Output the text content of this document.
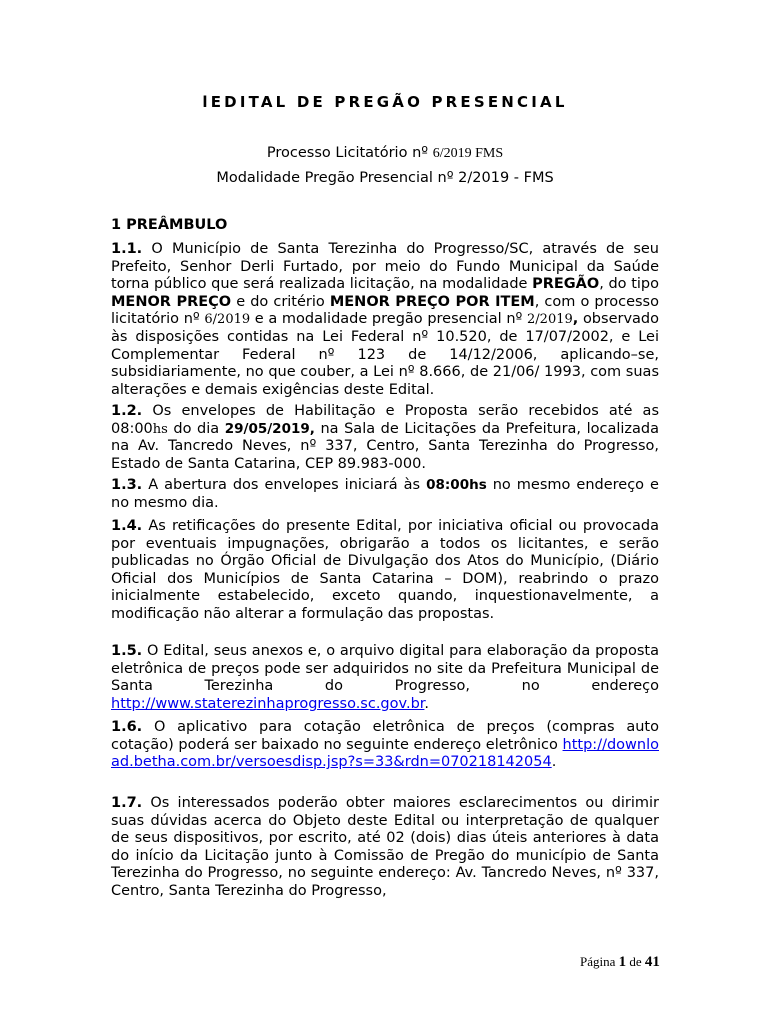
lEDITAL DE PREGÃO PRESENCIAL
Processo Licitatório nº 6/2019 FMS
Modalidade Pregão Presencial nº 2/2019 - FMS
1 PREÂMBULO
1.1. O Município de Santa Terezinha do Progresso/SC, através de seu Prefeito, Senhor Derli Furtado, por meio do Fundo Municipal da Saúde torna público que será realizada licitação, na modalidade PREGÃO, do tipo MENOR PREÇO e do critério MENOR PREÇO POR ITEM, com o processo licitatório nº 6/2019 e a modalidade pregão presencial nº 2/2019, observado às disposições contidas na Lei Federal nº 10.520, de 17/07/2002, e Lei Complementar Federal nº 123 de 14/12/2006, aplicando–se, subsidiariamente, no que couber, a Lei nº 8.666, de 21/06/ 1993, com suas alterações e demais exigências deste Edital.
1.2. Os envelopes de Habilitação e Proposta serão recebidos até as 08:00hs do dia 29/05/2019, na Sala de Licitações da Prefeitura, localizada na Av. Tancredo Neves, nº 337, Centro, Santa Terezinha do Progresso, Estado de Santa Catarina, CEP 89.983-000.
1.3. A abertura dos envelopes iniciará às 08:00hs no mesmo endereço e no mesmo dia.
1.4. As retificações do presente Edital, por iniciativa oficial ou provocada por eventuais impugnações, obrigarão a todos os licitantes, e serão publicadas no Órgão Oficial de Divulgação dos Atos do Município, (Diário Oficial dos Municípios de Santa Catarina – DOM), reabrindo o prazo inicialmente estabelecido, exceto quando, inquestionavelmente, a modificação não alterar a formulação das propostas.
1.5. O Edital, seus anexos e, o arquivo digital para elaboração da proposta eletrônica de preços pode ser adquiridos no site da Prefeitura Municipal de Santa Terezinha do Progresso, no endereço http://www.staterezinhaprogresso.sc.gov.br.
1.6. O aplicativo para cotação eletrônica de preços (compras auto cotação) poderá ser baixado no seguinte endereço eletrônico http://download.betha.com.br/versoesdisp.jsp?s=33&rdn=070218142054.
1.7. Os interessados poderão obter maiores esclarecimentos ou dirimir suas dúvidas acerca do Objeto deste Edital ou interpretação de qualquer de seus dispositivos, por escrito, até 02 (dois) dias úteis anteriores à data do início da Licitação junto à Comissão de Pregão do município de Santa Terezinha do Progresso, no seguinte endereço: Av. Tancredo Neves, nº 337, Centro, Santa Terezinha do Progresso,
Página 1 de 41
